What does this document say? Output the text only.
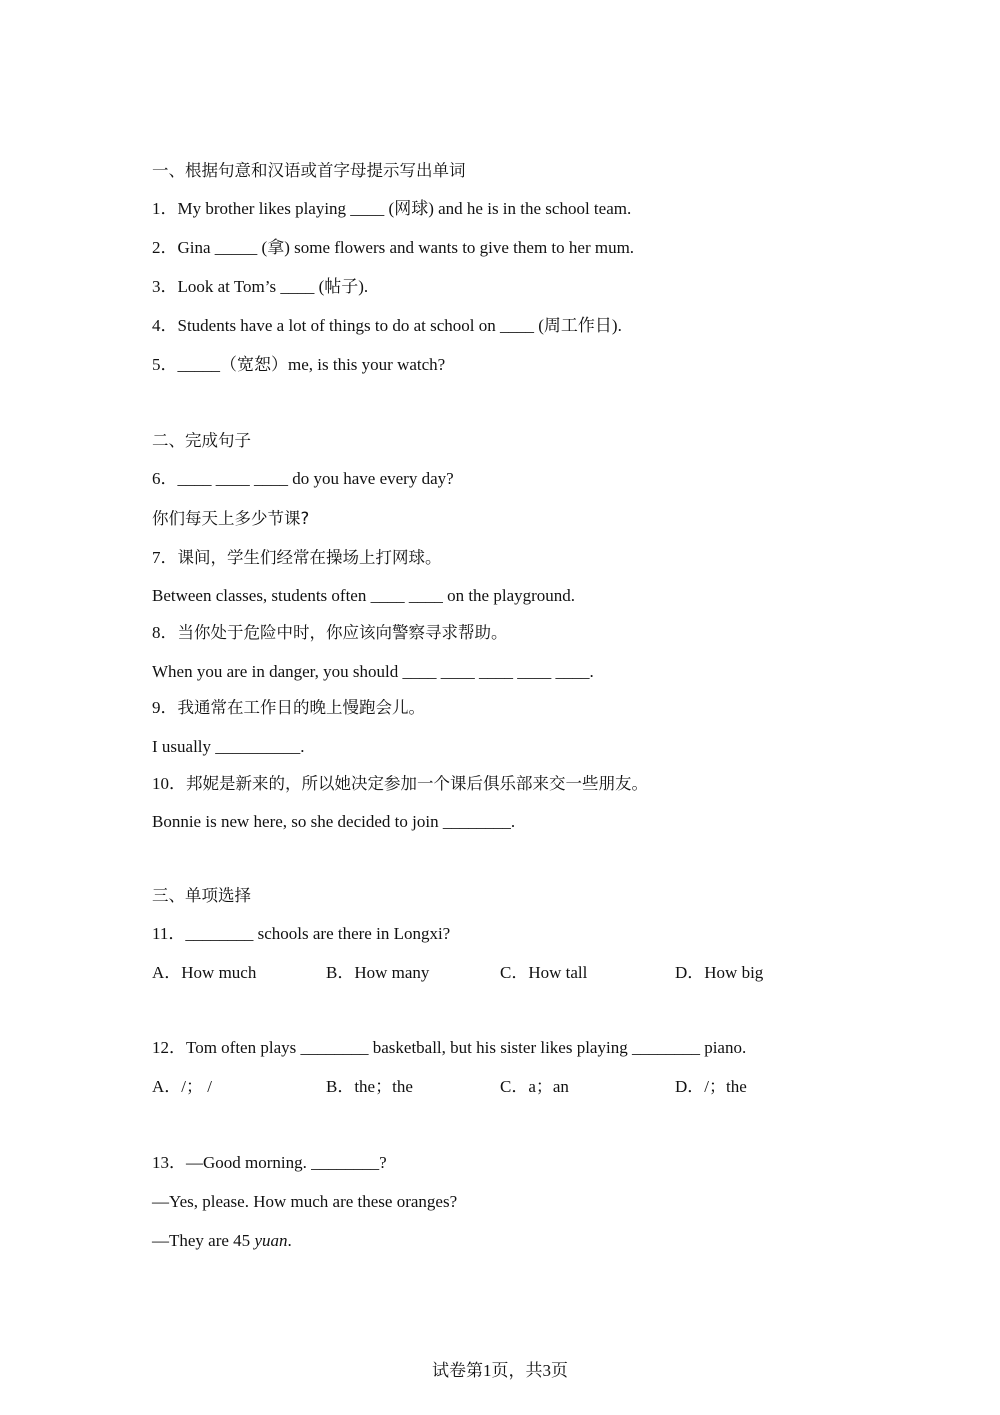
一、根据句意和汉语或首字母提示写出单词
1．My brother likes playing ____ (网球) and he is in the school team.
2．Gina _____ (拿) some flowers and wants to give them to her mum.
3．Look at Tom’s ____ (帖子).
4．Students have a lot of things to do at school on ____ (周工作日).
5．_____（宽恕）me, is this your watch?
二、完成句子
6．____ ____ ____ do you have every day?
你们每天上多少节课?
7．课间，学生们经常在操场上打网球。
Between classes, students often ____ ____ on the playground.
8．当你处于危险中时，你应该向警察寻求帮助。
When you are in danger, you should ____ ____ ____ ____ ____.
9．我通常在工作日的晚上慢跑会儿。
I usually __________.
10．邦妮是新来的，所以她决定参加一个课后俱乐部来交一些朋友。
Bonnie is new here, so she decided to join ________.
三、单项选择
11．________ schools are there in Longxi?
A．How much	B．How many	C．How tall	D．How big
12．Tom often plays ________ basketball, but his sister likes playing ________ piano.
A．/； /	B．the；the	C．a；an	D．/；the
13．—Good morning. ________?
—Yes, please. How much are these oranges?
—They are 45 yuan.
试卷第1页，共3页
